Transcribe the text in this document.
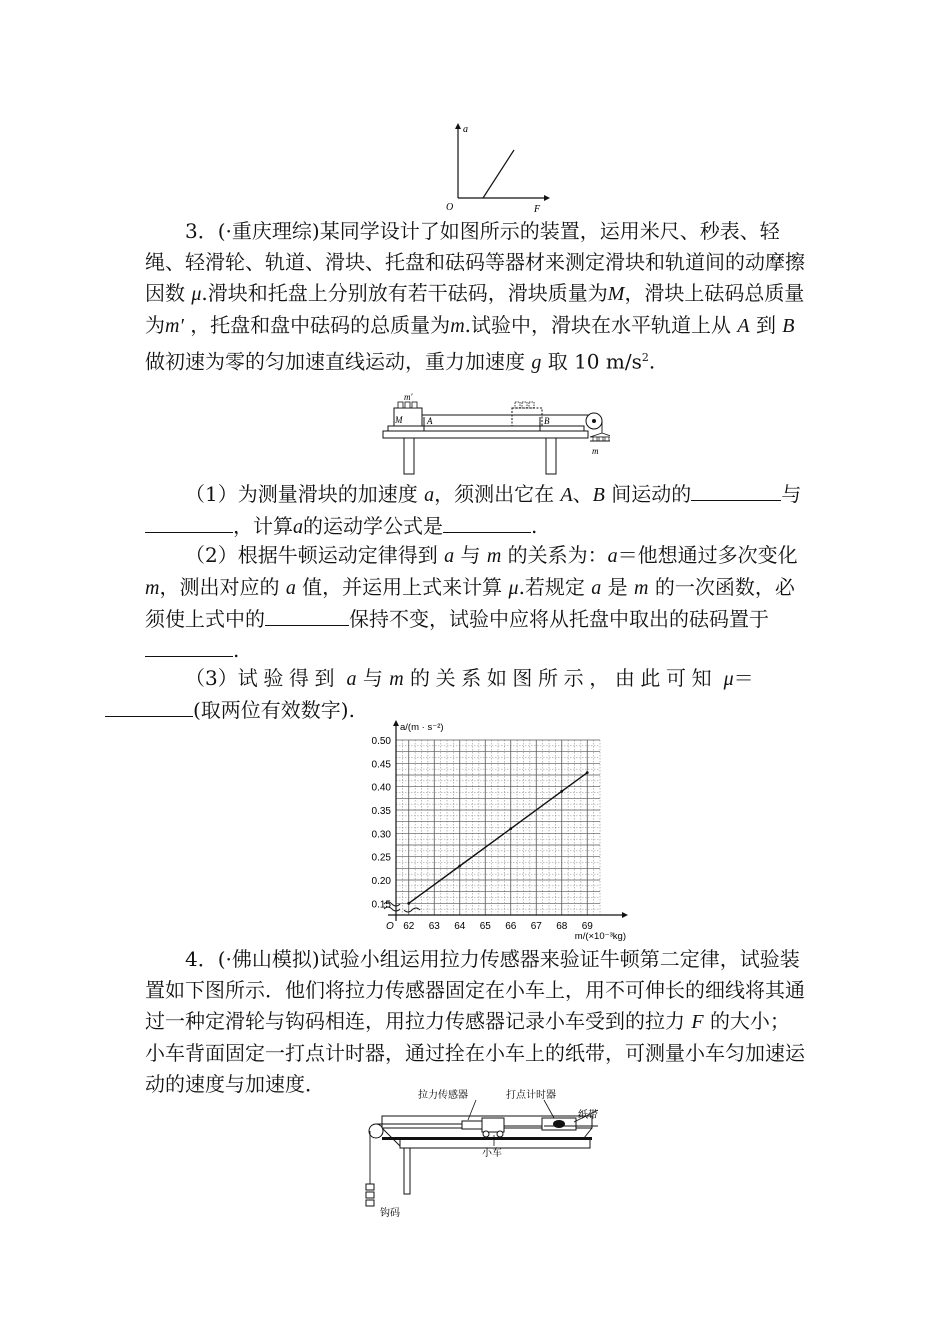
a
F
O
3．(·重庆理综)某同学设计了如图所示的装置，运用米尺、秒表、轻绳、轻滑轮、轨道、滑块、托盘和砝码等器材来测定滑块和轨道间的动摩擦因数 μ.滑块和托盘上分别放有若干砝码，滑块质量为M，滑块上砝码总质量为m′ ，托盘和盘中砝码的总质量为m.试验中，滑块在水平轨道上从 A 到 B做初速为零的匀加速直线运动，重力加速度 g 取 10 $m/s^2$.
m′
M	A	B
m
（1）为测量滑块的加速度 a，须测出它在 A、B 间运动的	与，计算a的运动学公式是	.
（2）根据牛顿运动定律得到 a 与 m 的关系为：a＝他想通过多次变化 m，测出对应的 a 值，并运用上式来计算 μ.若规定 a 是 m 的一次函数，必须使上式中的	保持不变，试验中应将从托盘中取出的砝码置于.
（3）试验得到 a 与 m 的关系如图所示，由此可知 μ＝
(取两位有效数字).
62 63 64 65 66 67 68 69
0.15
0.20
0.25
0.30
0.35
0.40
0.45
0.50
O
a/(m · s⁻²)
m/(×10⁻³kg)
4．(·佛山模拟)试验小组运用拉力传感器来验证牛顿第二定律，试验装置如下图所示．他们将拉力传感器固定在小车上，用不可伸长的细线将其通过一种定滑轮与钩码相连，用拉力传感器记录小车受到的拉力 F 的大小；小车背面固定一打点计时器，通过拴在小车上的纸带，可测量小车匀加速运动的速度与加速度．	拉力传感器	打点计时器
纸带
小车
钩码
